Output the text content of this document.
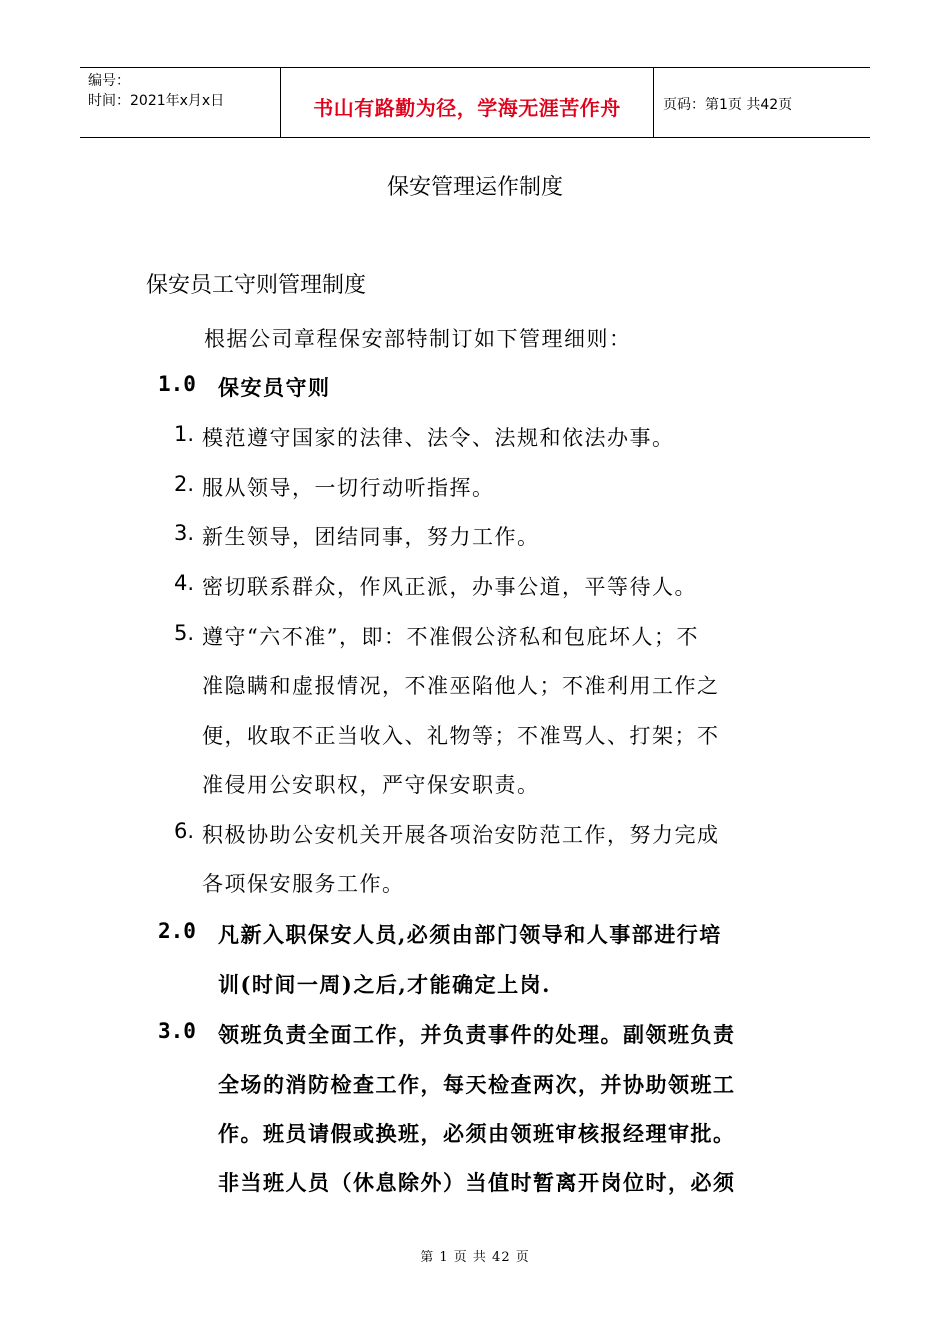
编号：
时间：2021年x月x日	书山有路勤为径，学海无涯苦作舟	页码：第1页 共42页
保安管理运作制度
保安员工守则管理制度
根据公司章程保安部特制订如下管理细则：
1.0 保安员守则
1. 模范遵守国家的法律、法令、法规和依法办事。
2. 服从领导，一切行动听指挥。
3. 新生领导，团结同事，努力工作。
4. 密切联系群众，作风正派，办事公道，平等待人。
5. 遵守“六不准”，即：不准假公济私和包庇坏人；不
准隐瞒和虚报情况，不准巫陷他人；不准利用工作之
便，收取不正当收入、礼物等；不准骂人、打架；不
准侵用公安职权，严守保安职责。
6. 积极协助公安机关开展各项治安防范工作，努力完成
各项保安服务工作。
2.0 凡新入职保安人员,必须由部门领导和人事部进行培
训(时间一周)之后,才能确定上岗.
3.0 领班负责全面工作，并负责事件的处理。副领班负责
全场的消防检查工作，每天检查两次，并协助领班工
作。班员请假或换班，必须由领班审核报经理审批。
非当班人员（休息除外）当值时暂离开岗位时，必须
第 1 页 共 42 页
